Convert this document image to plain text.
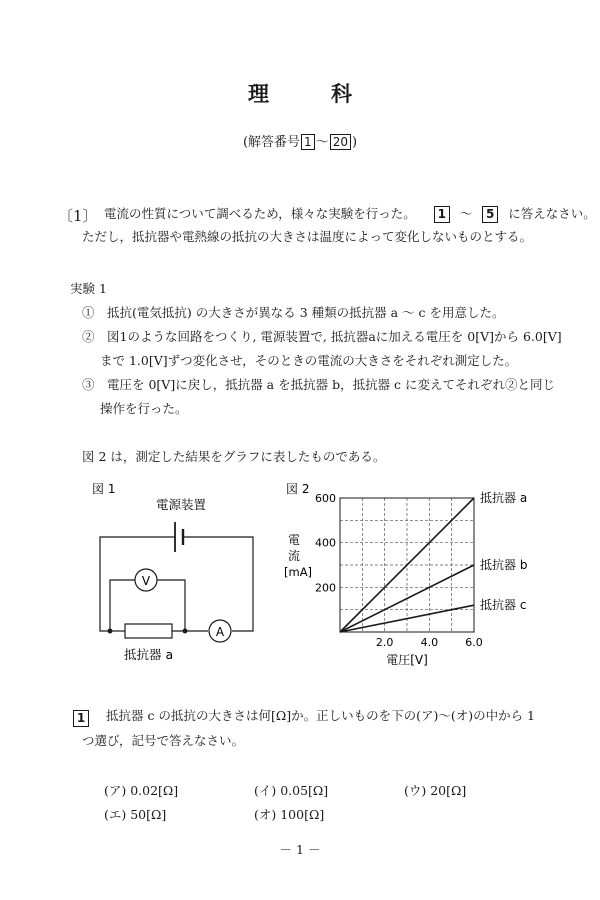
理	科
(解答番号 1 〜 20 )
〔1〕 電流の性質について調べるため，様々な実験を行った。 1 〜 5 に答えなさい。
ただし，抵抗器や電熱線の抵抗の大きさは温度によって変化しないものとする。
実験 1
①　抵抗(電気抵抗) の大きさが異なる 3 種類の抵抗器 a ～ c を用意した。
②　図1のような回路をつくり, 電源装置で, 抵抗器aに加える電圧を 0[V]から 6.0[V]
まで 1.0[V]ずつ変化させ，そのときの電流の大きさをそれぞれ測定した。
③　電圧を 0[V]に戻し，抵抗器 a を抵抗器 b，抵抗器 c に変えてそれぞれ②と同じ
操作を行った。
図 2 は，測定した結果をグラフに表したものである。
図 1
電源装置
A
V
抵抗器 a
図 2
電
流
[mA]
2.0 4.0 6.0
200
400
600	抵抗器 a
抵抗器 b
抵抗器 c
電圧[V]
1	抵抗器 c の抵抗の大きさは何[Ω]か。正しいものを下の(ア)～(オ)の中から 1
つ選び，記号で答えなさい。
(ア) 0.02[Ω]	(イ) 0.05[Ω]	(ウ) 20[Ω]
(エ) 50[Ω]	(オ) 100[Ω]
－ 1 －
